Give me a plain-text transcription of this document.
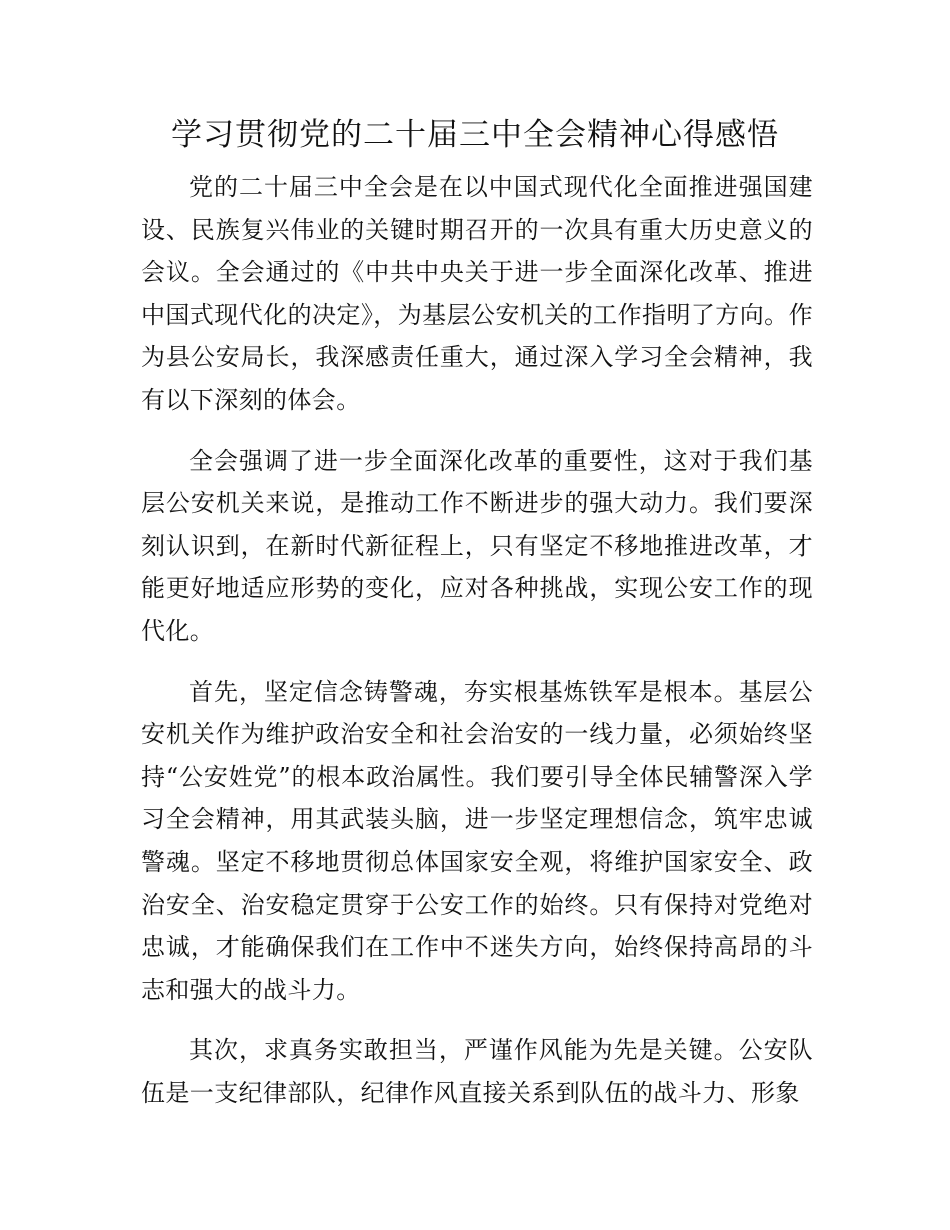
学习贯彻党的二十届三中全会精神心得感悟

党的二十届三中全会是在以中国式现代化全面推进强国建设、民族复兴伟业的关键时期召开的一次具有重大历史意义的会议。全会通过的《中共中央关于进一步全面深化改革、推进中国式现代化的决定》，为基层公安机关的工作指明了方向。作为县公安局长，我深感责任重大，通过深入学习全会精神，我有以下深刻的体会。

全会强调了进一步全面深化改革的重要性，这对于我们基层公安机关来说，是推动工作不断进步的强大动力。我们要深刻认识到，在新时代新征程上，只有坚定不移地推进改革，才能更好地适应形势的变化，应对各种挑战，实现公安工作的现代化。

首先，坚定信念铸警魂，夯实根基炼铁军是根本。基层公安机关作为维护政治安全和社会治安的一线力量，必须始终坚持“公安姓党”的根本政治属性。我们要引导全体民辅警深入学习全会精神，用其武装头脑，进一步坚定理想信念，筑牢忠诚警魂。坚定不移地贯彻总体国家安全观，将维护国家安全、政治安全、治安稳定贯穿于公安工作的始终。只有保持对党绝对忠诚，才能确保我们在工作中不迷失方向，始终保持高昂的斗志和强大的战斗力。

其次，求真务实敢担当，严谨作风能为先是关键。公安队伍是一支纪律部队，纪律作风直接关系到队伍的战斗力、形象
